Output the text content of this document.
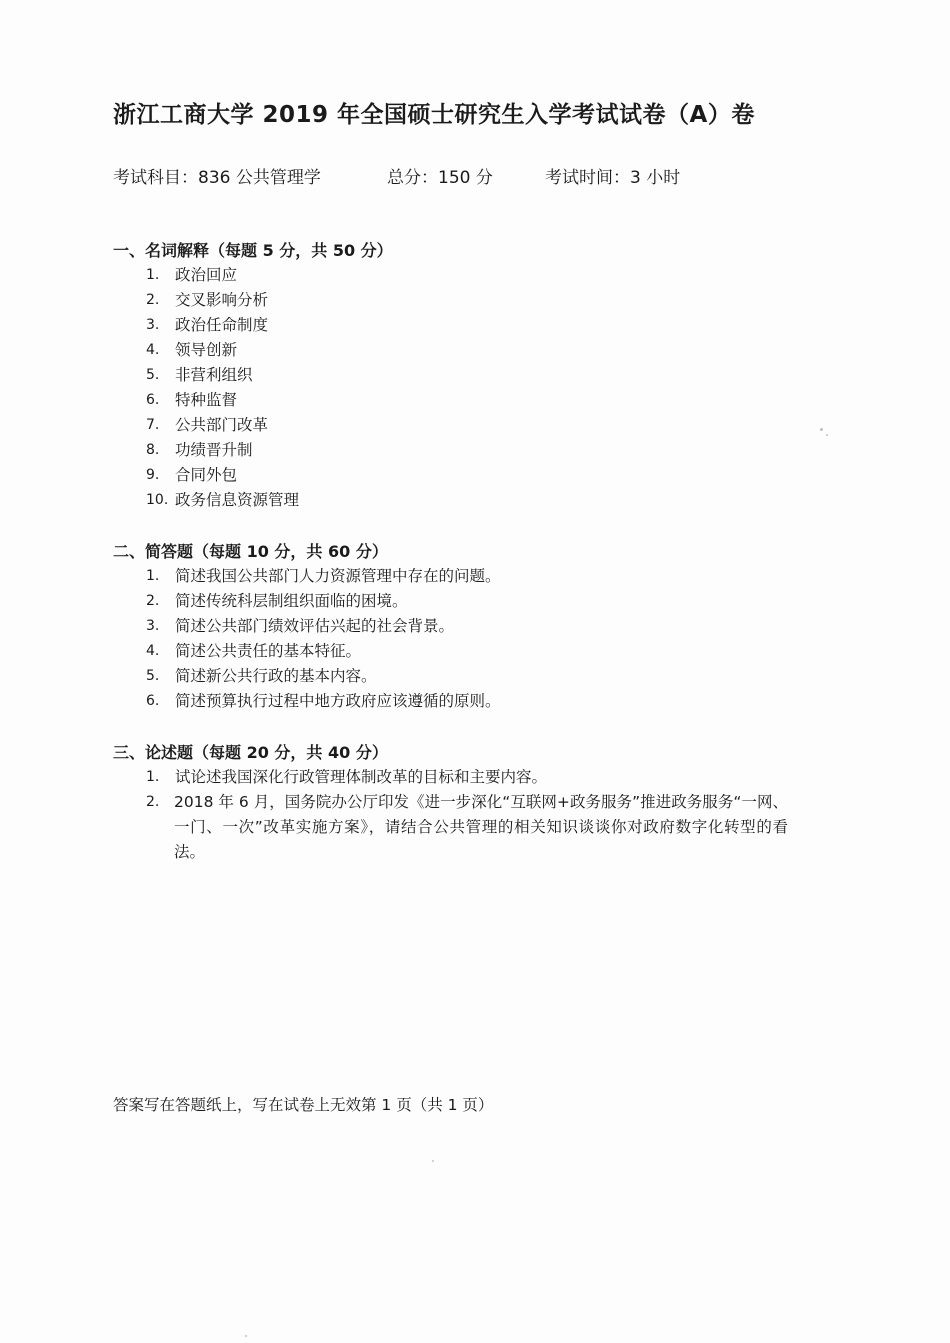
浙江工商大学 2019 年全国硕士研究生入学考试试卷（A）卷
考试科目：836 公共管理学	总分：150 分	考试时间：3 小时
一、名词解释（每题 5 分，共 50 分）
1.	政治回应
2.	交叉影响分析
3.	政治任命制度
4.	领导创新
5.	非营利组织
6.	特种监督
7.	公共部门改革
8.	功绩晋升制
9.	合同外包
10. 政务信息资源管理
二、简答题（每题 10 分，共 60 分）
1.	简述我国公共部门人力资源管理中存在的问题。
2.	简述传统科层制组织面临的困境。
3.	简述公共部门绩效评估兴起的社会背景。
4.	简述公共责任的基本特征。
5.	简述新公共行政的基本内容。
6.	简述预算执行过程中地方政府应该遵循的原则。
三、论述题（每题 20 分，共 40 分）
1.	试论述我国深化行政管理体制改革的目标和主要内容。
2. 2018 年 6 月，国务院办公厅印发《进一步深化“互联网+政务服务”推进政务服务“一网、一门、一次”改革实施方案》，请结合公共管理的相关知识谈谈你对政府数字化转型的看法。
答案写在答题纸上，写在试卷上无效第 1 页（共 1 页）
